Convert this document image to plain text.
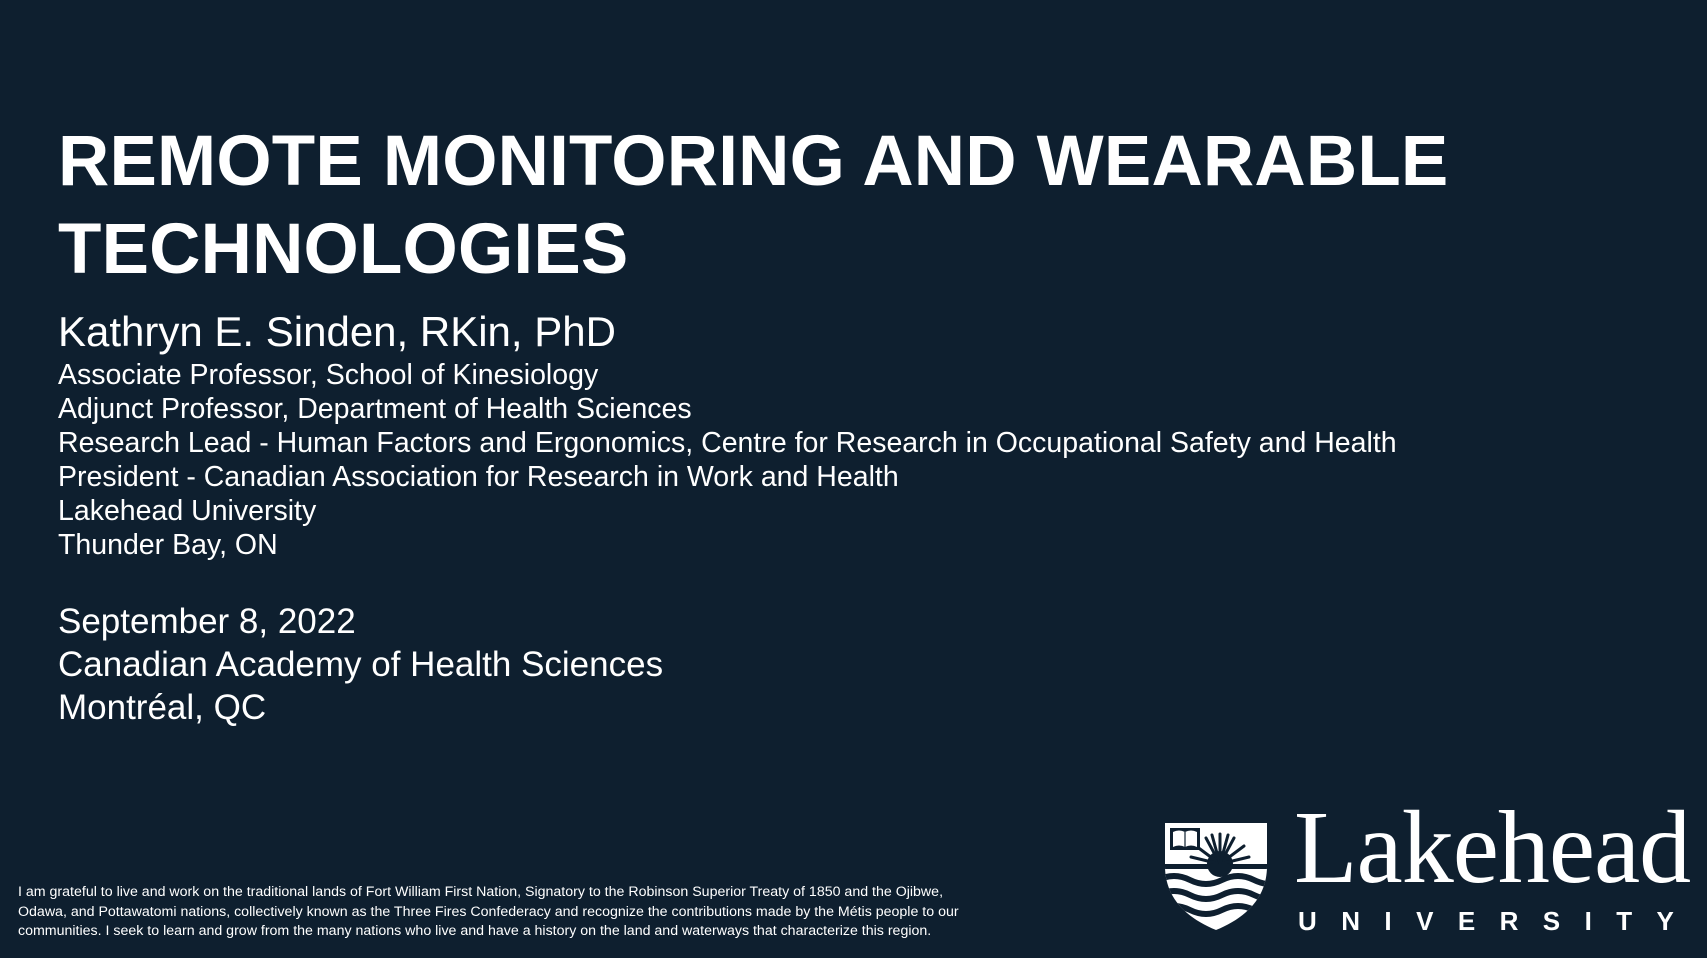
REMOTE MONITORING AND WEARABLE
TECHNOLOGIES
Kathryn E. Sinden, RKin, PhD
Associate Professor, School of Kinesiology
Adjunct Professor, Department of Health Sciences
Research Lead - Human Factors and Ergonomics, Centre for Research in Occupational Safety and Health
President - Canadian Association for Research in Work and Health
Lakehead University
Thunder Bay, ON
September 8, 2022
Canadian Academy of Health Sciences
Montréal, QC

I am grateful to live and work on the traditional lands of Fort William First Nation, Signatory to the Robinson Superior Treaty of 1850 and the Ojibwe,
Odawa, and Pottawatomi nations, collectively known as the Three Fires Confederacy and recognize the contributions made by the Métis people to our
communities. I seek to learn and grow from the many nations who live and have a history on the land and waterways that characterize this region.

Lakehead
U N I V E R S I T Y
